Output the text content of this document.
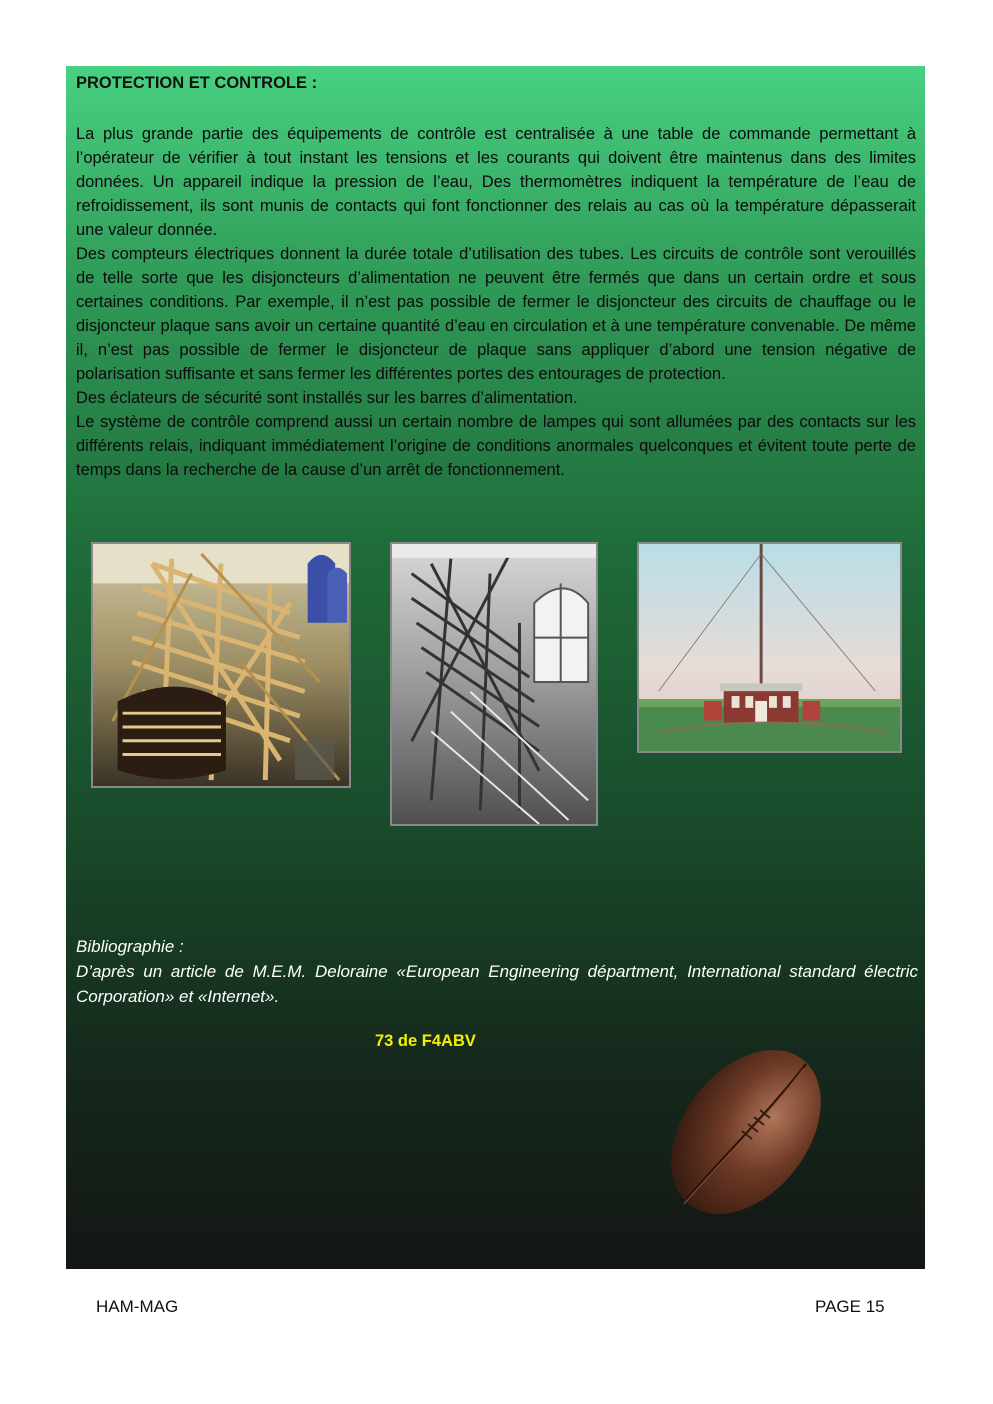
PROTECTION ET CONTROLE :

La plus grande partie des équipements de contrôle est centralisée à une table de commande permettant à l’opérateur de vérifier à tout instant les tensions et les courants qui doivent être maintenus dans des limites données. Un appareil indique la pression de l’eau, Des thermomètres indiquent la température de l’eau de refroidissement, ils sont munis de contacts qui font fonctionner des relais au cas où la température dépasserait une valeur donnée.

Des compteurs électriques donnent la durée totale d’utilisation des tubes. Les circuits de contrôle sont verouillés de telle sorte que les disjoncteurs d’alimentation ne peuvent être fermés que dans un certain ordre et sous certaines conditions. Par exemple, il n’est pas possible de fermer le disjoncteur des circuits de chauffage ou le disjoncteur plaque sans avoir un certaine quantité d’eau en circulation et à une température convenable. De même il, n’est pas possible de fermer le disjoncteur de plaque sans appliquer d’abord une tension négative de polarisation suffisante et sans fermer les différentes portes des entourages de protection.

Des éclateurs de sécurité sont installés sur les barres d’alimentation.

Le système de contrôle comprend aussi un certain nombre de lampes qui sont allumées par des contacts sur les différents relais, indiquant immédiatement l’origine de conditions anormales quelconques et évitent toute perte de temps dans la recherche de la cause d’un arrêt de fonctionnement.

Bibliographie :

D’après un article de M.E.M. Deloraine «European Engineering départment, International standard électric Corporation» et «Internet».

73 de F4ABV
HAM-MAG	PAGE 15
